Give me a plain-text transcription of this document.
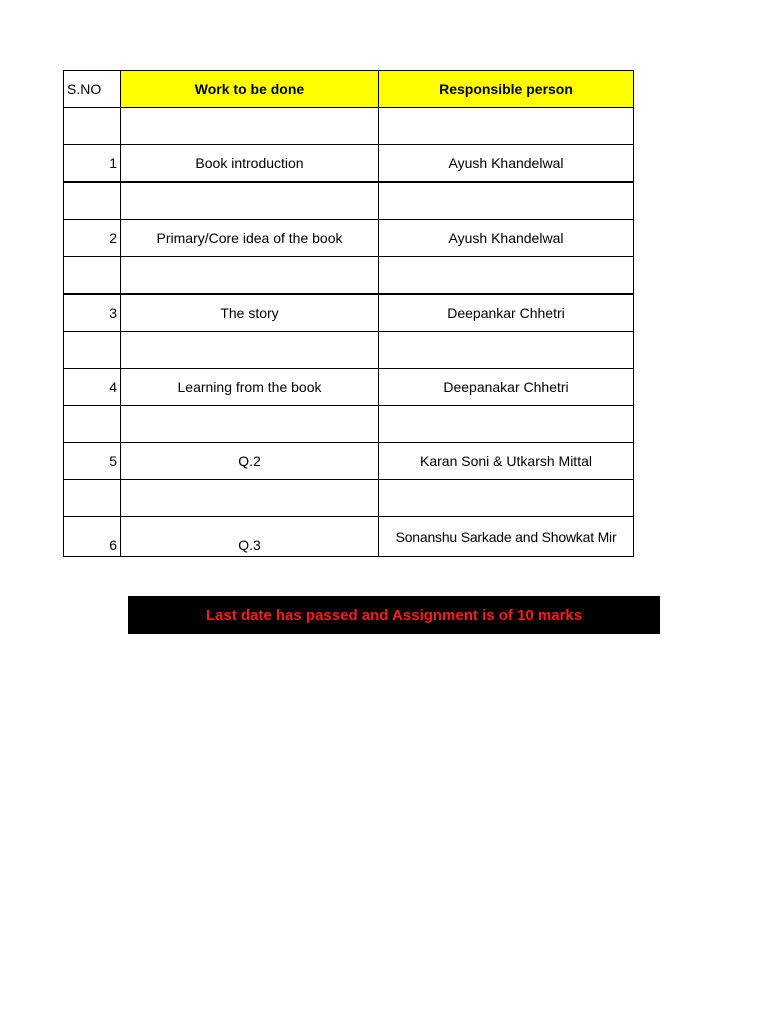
S.NO	Work to be done	Responsible person

1	Book introduction	Ayush Khandelwal

2	Primary/Core idea of the book	Ayush Khandelwal

3	The story	Deepankar Chhetri

4	Learning from the book	Deepanakar Chhetri

5	Q.2	Karan Soni & Utkarsh Mittal

6	Q.3	Sonanshu Sarkade and Showkat Mir
Last date has passed and Assignment is of 10 marks
